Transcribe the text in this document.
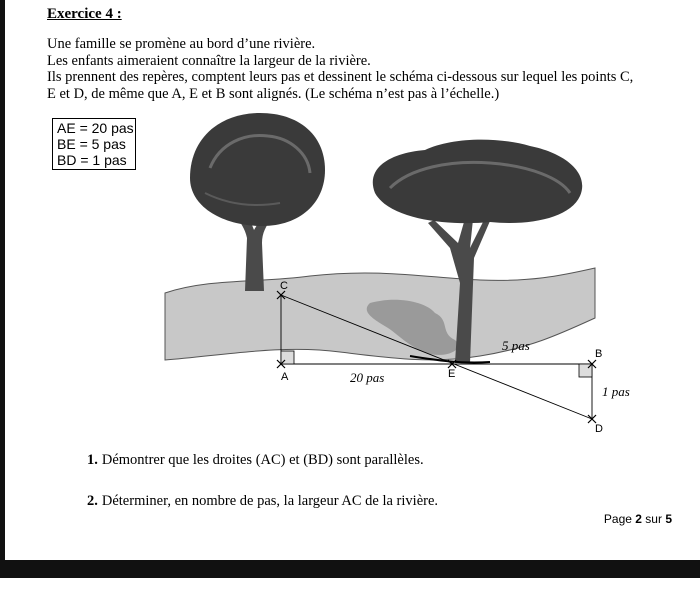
Exercice 4 :

Une famille se promène au bord d’une rivière.

Les enfants aimeraient connaître la largeur de la rivière.

Ils prennent des repères, comptent leurs pas et dessinent le schéma ci-dessous sur lequel les points C,

E et D, de même que A, E et B sont alignés. (Le schéma n’est pas à l’échelle.)

AE = 20 pas
BE = 5 pas
BD = 1 pas
C
A	E
B
D
20 pas
5 pas
1 pas
1. Démontrer que les droites (AC) et (BD) sont parallèles.
2. Déterminer, en nombre de pas, la largeur AC de la rivière.
Page 2 sur 5
